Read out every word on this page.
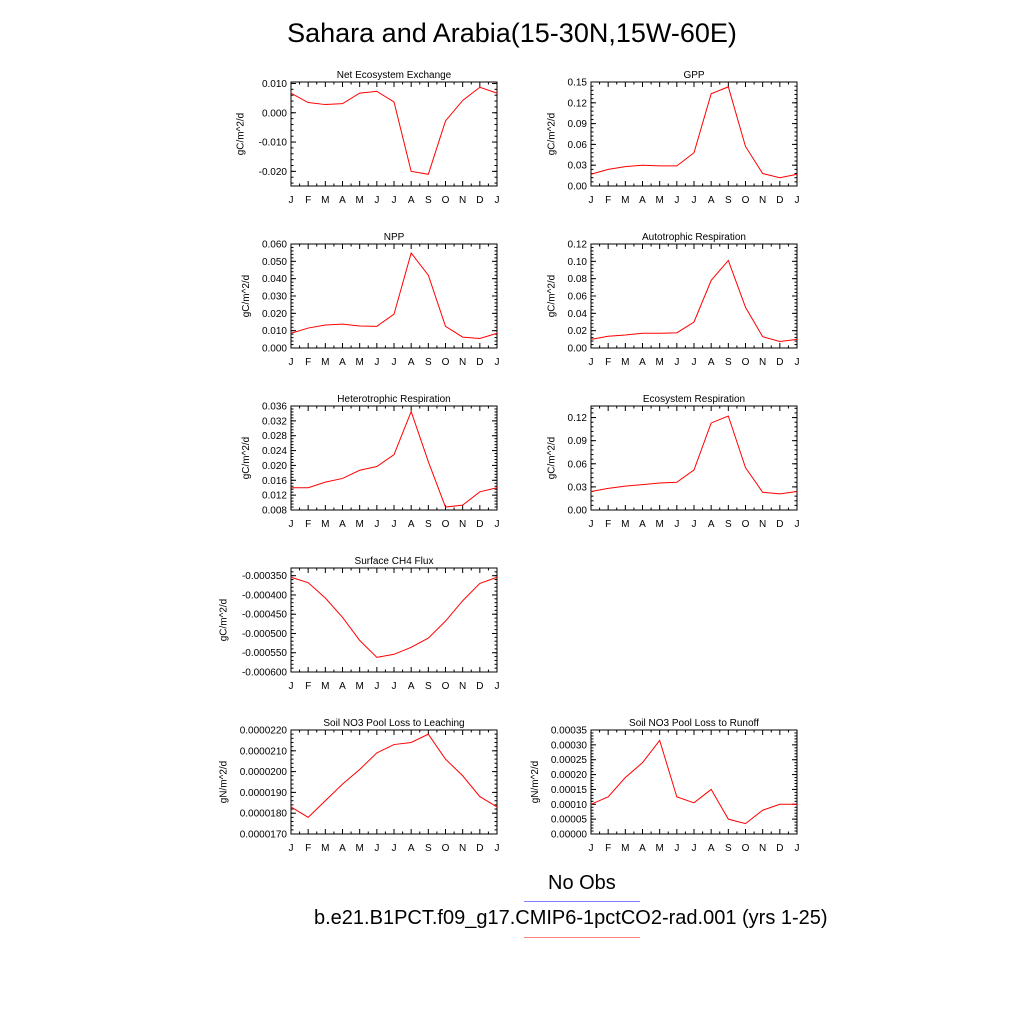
Sahara and Arabia(15-30N,15W-60E)
Net Ecosystem Exchange
J F M A M J J A S O N D J
0.010
0.000
-0.010
-0.020
gC/m^2/d
GPP
J F M A M J J A S O N D J
0.15
0.12
0.09
0.06
0.03
0.00
gC/m^2/d
NPP
J F M A M J J A S O N D J
0.060
0.050
0.040
0.030
0.020
0.010
0.000
gC/m^2/d
Autotrophic Respiration
J F M A M J J A S O N D J
0.12
0.10
0.08
0.06
0.04
0.02
0.00
gC/m^2/d
Heterotrophic Respiration
J F M A M J J A S O N D J
0.036
0.032
0.028
0.024
0.020
0.016
0.012
0.008
gC/m^2/d
Ecosystem Respiration
J F M A M J J A S O N D J
0.12
0.09
0.06
0.03
0.00
gC/m^2/d
Surface CH4 Flux
J F M A M J J A S O N D J
-0.000350
-0.000400
-0.000450
-0.000500
-0.000550
-0.000600
gC/m^2/d
Soil NO3 Pool Loss to Leaching
J F M A M J J A S O N D J
0.0000220
0.0000210
0.0000200
0.0000190
0.0000180
0.0000170
gN/m^2/d
Soil NO3 Pool Loss to Runoff
J F M A M J J A S O N D J
0.00035
0.00030
0.00025
0.00020
0.00015
0.00010
0.00005
0.00000
gN/m^2/d
No Obs
b.e21.B1PCT.f09_g17.CMIP6-1pctCO2-rad.001 (yrs 1-25)
